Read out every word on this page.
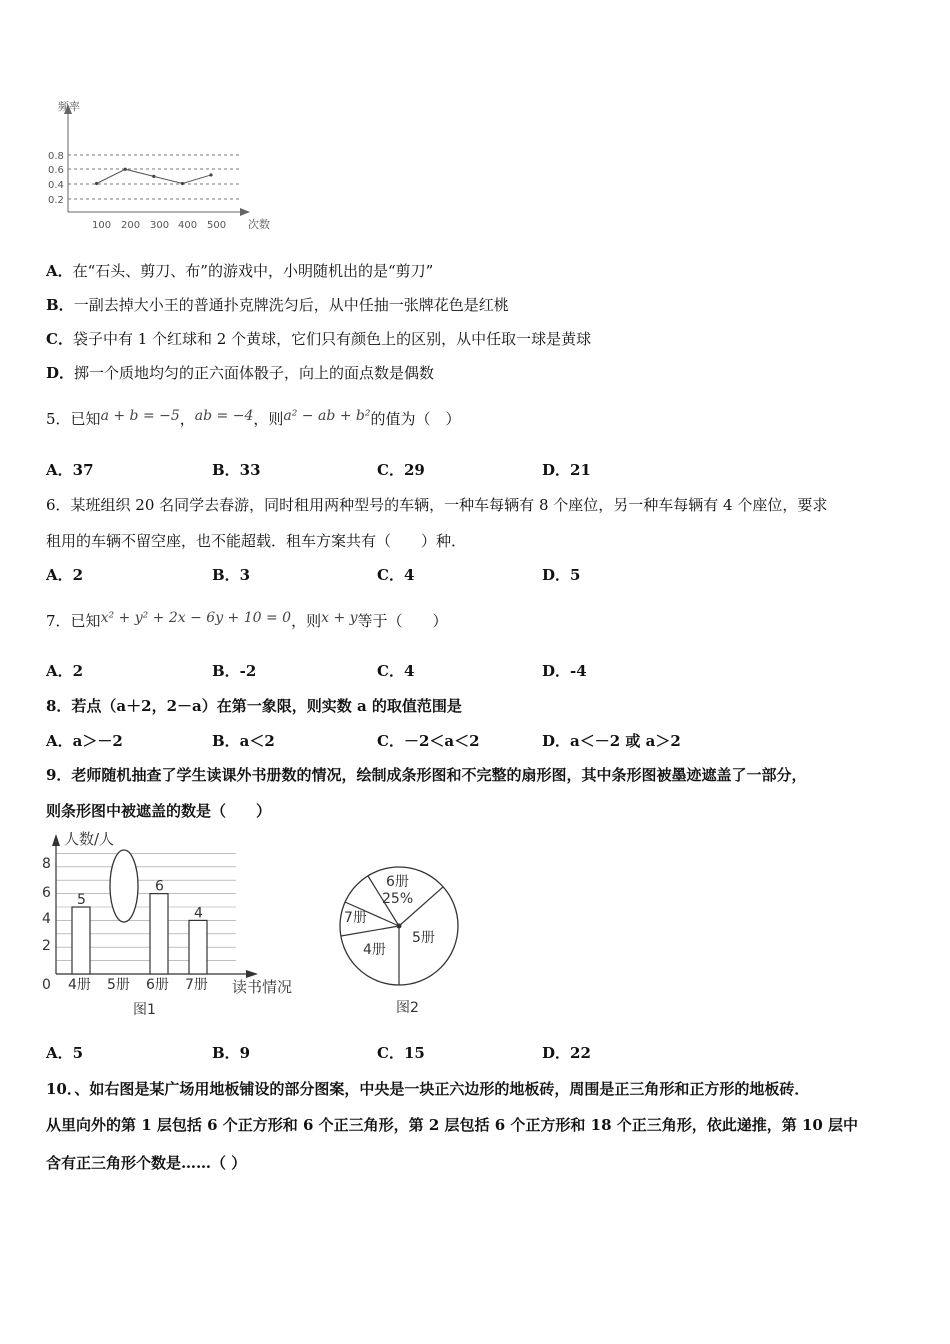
频率
0.8
0.6
0.4
0.2
100 200 300 400 500 次数
A．在“石头、剪刀、布”的游戏中，小明随机出的是“剪刀”
B．一副去掉大小王的普通扑克牌洗匀后，从中任抽一张牌花色是红桃
C．袋子中有 1 个红球和 2 个黄球，它们只有颜色上的区别，从中任取一球是黄球
D．掷一个质地均匀的正六面体骰子，向上的面点数是偶数
5．已知a + b = −5，ab = −4，则a² − ab + b²的值为（　）
A．37	B．33	C．29	D．21
6．某班组织 20 名同学去春游，同时租用两种型号的车辆，一种车每辆有 8 个座位，另一种车每辆有 4 个座位，要求
租用的车辆不留空座，也不能超载．租车方案共有（　　）种．
A．2	B．3	C．4	D．5
7．已知x² + y² + 2x − 6y + 10 = 0，则x + y等于（　　）
A．2	B．-2	C．4	D．-4
8．若点（a＋2，2－a）在第一象限，则实数 a 的取值范围是
A．a＞－2	B．a＜2	C．－2＜a＜2	D．a＜－2 或 a＞2
9．老师随机抽查了学生读课外书册数的情况，绘制成条形图和不完整的扇形图，其中条形图被墨迹遮盖了一部分，
则条形图中被遮盖的数是（　　）
人数/人
8
6
4
2
0
5
6
4
4册 5册 6册 7册 读书情况
图1
6册
25%
5册
4册
7册
图2
A．5	B．9	C．15	D．22
10．、如右图是某广场用地板铺设的部分图案，中央是一块正六边形的地板砖，周围是正三角形和正方形的地板砖．
从里向外的第 1 层包括 6 个正方形和 6 个正三角形，第 2 层包括 6 个正方形和 18 个正三角形，依此递推，第 10 层中
含有正三角形个数是……（ ）
